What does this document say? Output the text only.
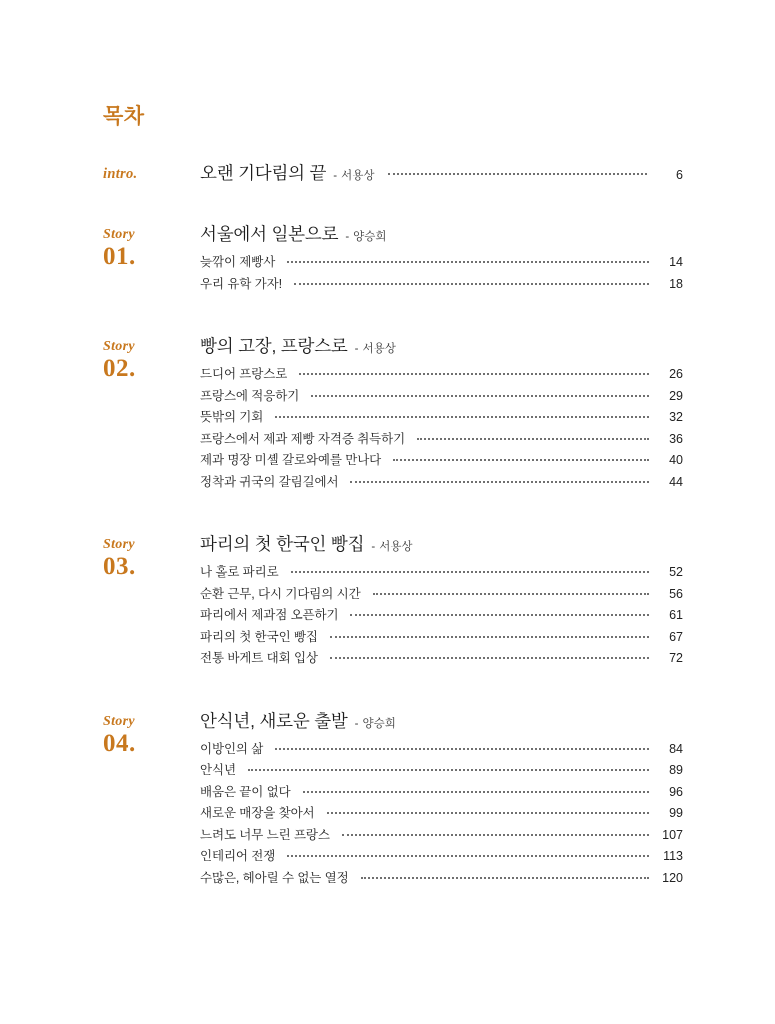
목차
intro.	오랜 기다림의 끝 - 서용상	6
Story
01.
서울에서 일본으로 - 양승희
늦깎이 제빵사	14
우리 유학 가자!	18
Story
02.
빵의 고장, 프랑스로 - 서용상
드디어 프랑스로	26
프랑스에 적응하기	29
뜻밖의 기회	32
프랑스에서 제과 제빵 자격증 취득하기	36
제과 명장 미셸 갈로와예를 만나다	40
정착과 귀국의 갈림길에서	44
Story
03.
파리의 첫 한국인 빵집 - 서용상
나 홀로 파리로	52
순환 근무, 다시 기다림의 시간	56
파리에서 제과점 오픈하기	61
파리의 첫 한국인 빵집	67
전통 바게트 대회 입상	72
Story
04.
안식년, 새로운 출발 - 양승희
이방인의 삶	84
안식년	89
배움은 끝이 없다	96
새로운 매장을 찾아서	99
느려도 너무 느린 프랑스	107
인테리어 전쟁	113
수많은, 헤아릴 수 없는 열정	120
